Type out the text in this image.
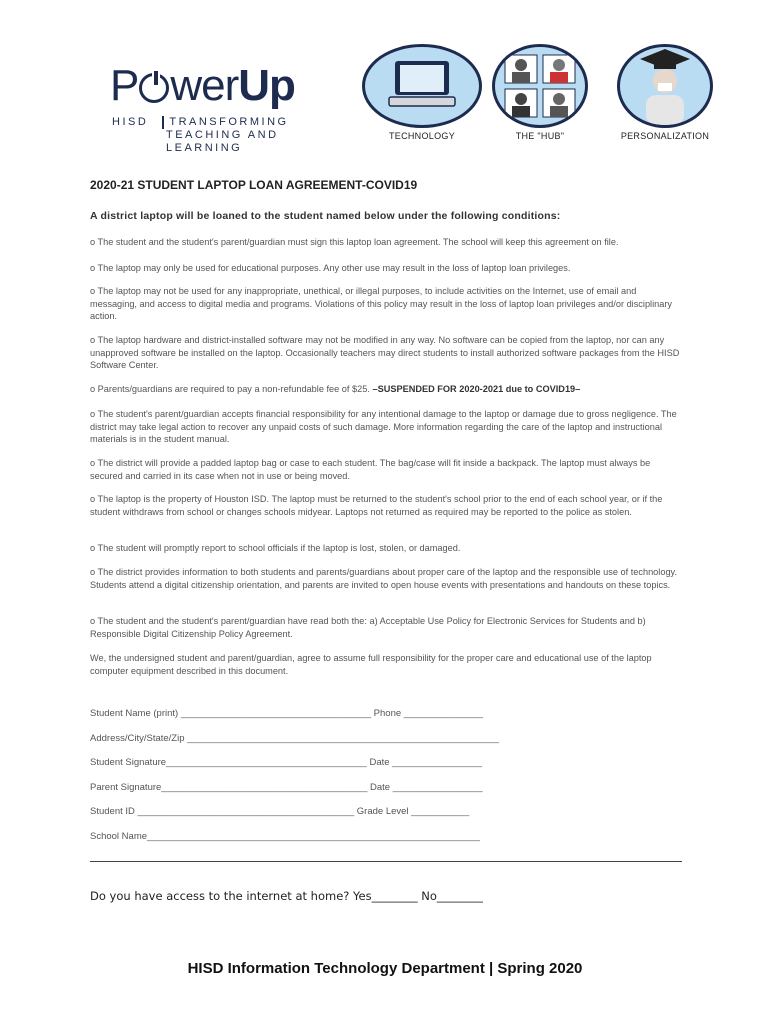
P werUp
HISD TRANSFORMING
TEACHING AND LEARNING
TECHNOLOGY	THE "HUB"	PERSONALIZATION
2020-21 STUDENT LAPTOP LOAN AGREEMENT-COVID19
A district laptop will be loaned to the student named below under the following conditions:
o The student and the student's parent/guardian must sign this laptop loan agreement. The school will keep this agreement on file.
o The laptop may only be used for educational purposes. Any other use may result in the loss of laptop loan privileges.
o The laptop may not be used for any inappropriate, unethical, or illegal purposes, to include activities on the Internet, use of email and messaging, and access to digital media and programs. Violations of this policy may result in the loss of laptop loan privileges and/or disciplinary action.
o The laptop hardware and district-installed software may not be modified in any way. No software can be copied from the laptop, nor can any unapproved software be installed on the laptop. Occasionally teachers may direct students to install authorized software packages from the HISD Software Center.
o Parents/guardians are required to pay a non-refundable fee of $25. –SUSPENDED FOR 2020-2021 due to COVID19–
o The student's parent/guardian accepts financial responsibility for any intentional damage to the laptop or damage due to gross negligence. The district may take legal action to recover any unpaid costs of such damage. More information regarding the care of the laptop and instructional materials is in the student manual.
o The district will provide a padded laptop bag or case to each student. The bag/case will fit inside a backpack. The laptop must always be secured and carried in its case when not in use or being moved.
o The laptop is the property of Houston ISD. The laptop must be returned to the student's school prior to the end of each school year, or if the student withdraws from school or changes schools midyear. Laptops not returned as required may be reported to the police as stolen.
o The student will promptly report to school officials if the laptop is lost, stolen, or damaged.
o The district provides information to both students and parents/guardians about proper care of the laptop and the responsible use of technology. Students attend a digital citizenship orientation, and parents are invited to open house events with presentations and handouts on these topics.
o The student and the student's parent/guardian have read both the: a) Acceptable Use Policy for Electronic Services for Students and b) Responsible Digital Citizenship Policy Agreement.
We, the undersigned student and parent/guardian, agree to assume full responsibility for the proper care and educational use of the laptop computer equipment described in this document.
Student Name (print) ____________________________________ Phone _______________
Address/City/State/Zip ___________________________________________________________
Student Signature______________________________________ Date _________________
Parent Signature_______________________________________ Date _________________
Student ID _________________________________________ Grade Level ___________
School Name_______________________________________________________________
Do you have access to the internet at home? Yes________ No________
HISD Information Technology Department | Spring 2020
